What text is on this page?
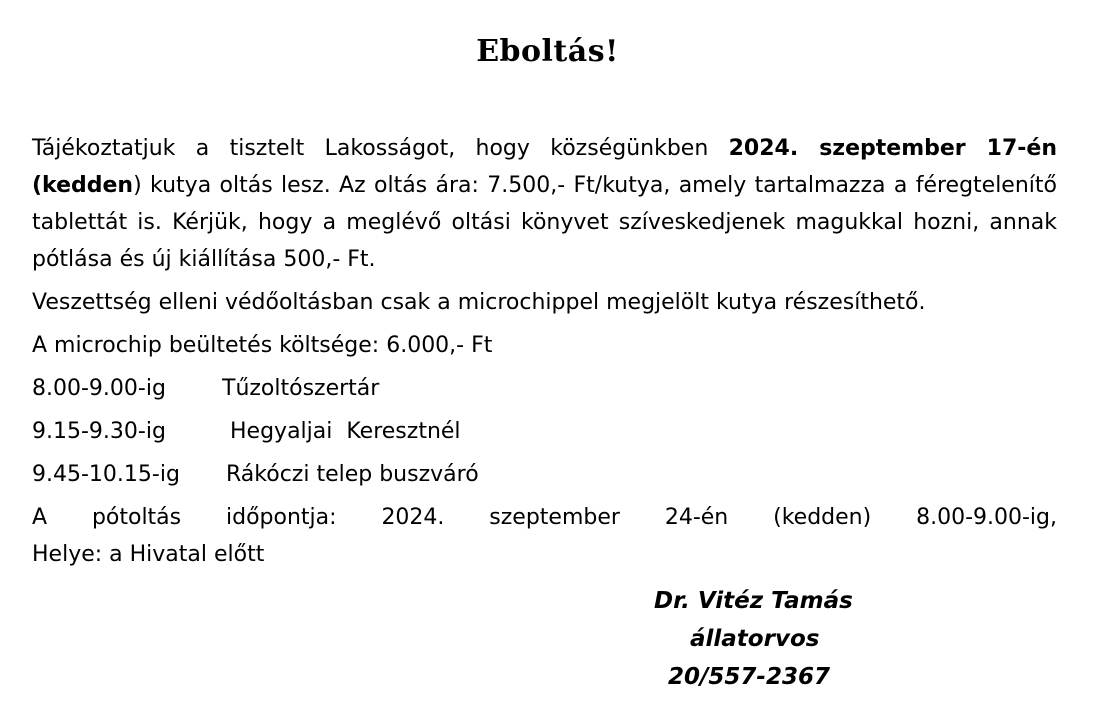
Eboltás!

Tájékoztatjuk a tisztelt Lakosságot, hogy községünkben 2024. szeptember 17-én (kedden) kutya oltás lesz. Az oltás ára: 7.500,- Ft/kutya, amely tartalmazza a féregtelenítő tablettát is. Kérjük, hogy a meglévő oltási könyvet szíveskedjenek magukkal hozni, annak pótlása és új kiállítása 500,- Ft.

Veszettség elleni védőoltásban csak a microchippel megjelölt kutya részesíthető.

A microchip beültetés költsége: 6.000,- Ft

8.00-9.00-ig	Tűzoltószertár
9.15-9.30-ig	Hegyaljai  Keresztnél
9.45-10.15-ig	Rákóczi telep buszváró
A pótoltás időpontja: 2024. szeptember 24-én (kedden) 8.00-9.00-ig,

Helye: a Hivatal előtt

Dr. Vitéz Tamás
állatorvos
20/557-2367
